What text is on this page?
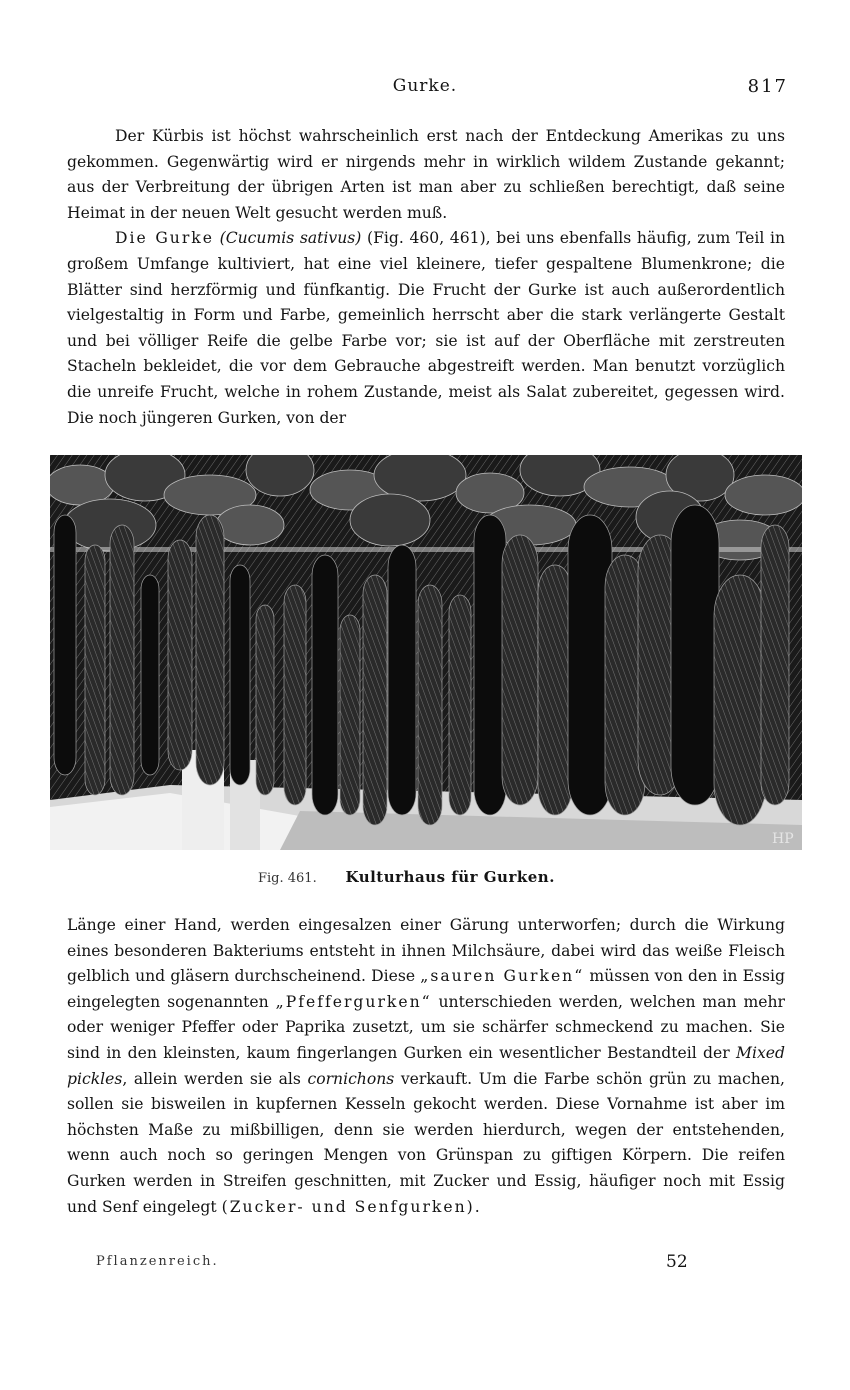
Gurke.	817

Der Kürbis ist höchst wahrscheinlich erst nach der Entdeckung Amerikas zu uns gekommen. Gegenwärtig wird er nirgends mehr in wirklich wildem Zustande gekannt; aus der Verbreitung der übrigen Arten ist man aber zu schließen berechtigt, daß seine Heimat in der neuen Welt gesucht werden muß.

Die Gurke (Cucumis sativus) (Fig. 460, 461), bei uns ebenfalls häufig, zum Teil in großem Umfange kultiviert, hat eine viel kleinere, tiefer gespaltene Blumenkrone; die Blätter sind herzförmig und fünfkantig. Die Frucht der Gurke ist auch außerordentlich vielgestaltig in Form und Farbe, gemeinlich herrscht aber die stark verlängerte Gestalt und bei völliger Reife die gelbe Farbe vor; sie ist auf der Oberfläche mit zerstreuten Stacheln bekleidet, die vor dem Gebrauche abgestreift werden. Man benutzt vorzüglich die unreife Frucht, welche in rohem Zustande, meist als Salat zubereitet, gegessen wird. Die noch jüngeren Gurken, von der

HP
Fig. 461. Kulturhaus für Gurken.

Länge einer Hand, werden eingesalzen einer Gärung unterworfen; durch die Wirkung eines besonderen Bakteriums entsteht in ihnen Milchsäure, dabei wird das weiße Fleisch gelblich und gläsern durchscheinend. Diese „sauren Gurken“ müssen von den in Essig eingelegten sogenannten „Pfeffergurken“ unterschieden werden, welchen man mehr oder weniger Pfeffer oder Paprika zusetzt, um sie schärfer schmeckend zu machen. Sie sind in den kleinsten, kaum fingerlangen Gurken ein wesentlicher Bestandteil der Mixed pickles, allein werden sie als cornichons verkauft. Um die Farbe schön grün zu machen, sollen sie bisweilen in kupfernen Kesseln gekocht werden. Diese Vornahme ist aber im höchsten Maße zu mißbilligen, denn sie werden hierdurch, wegen der entstehenden, wenn auch noch so geringen Mengen von Grünspan zu giftigen Körpern. Die reifen Gurken werden in Streifen geschnitten, mit Zucker und Essig, häufiger noch mit Essig und Senf eingelegt (Zucker- und Senfgurken).

Pflanzenreich.	52
